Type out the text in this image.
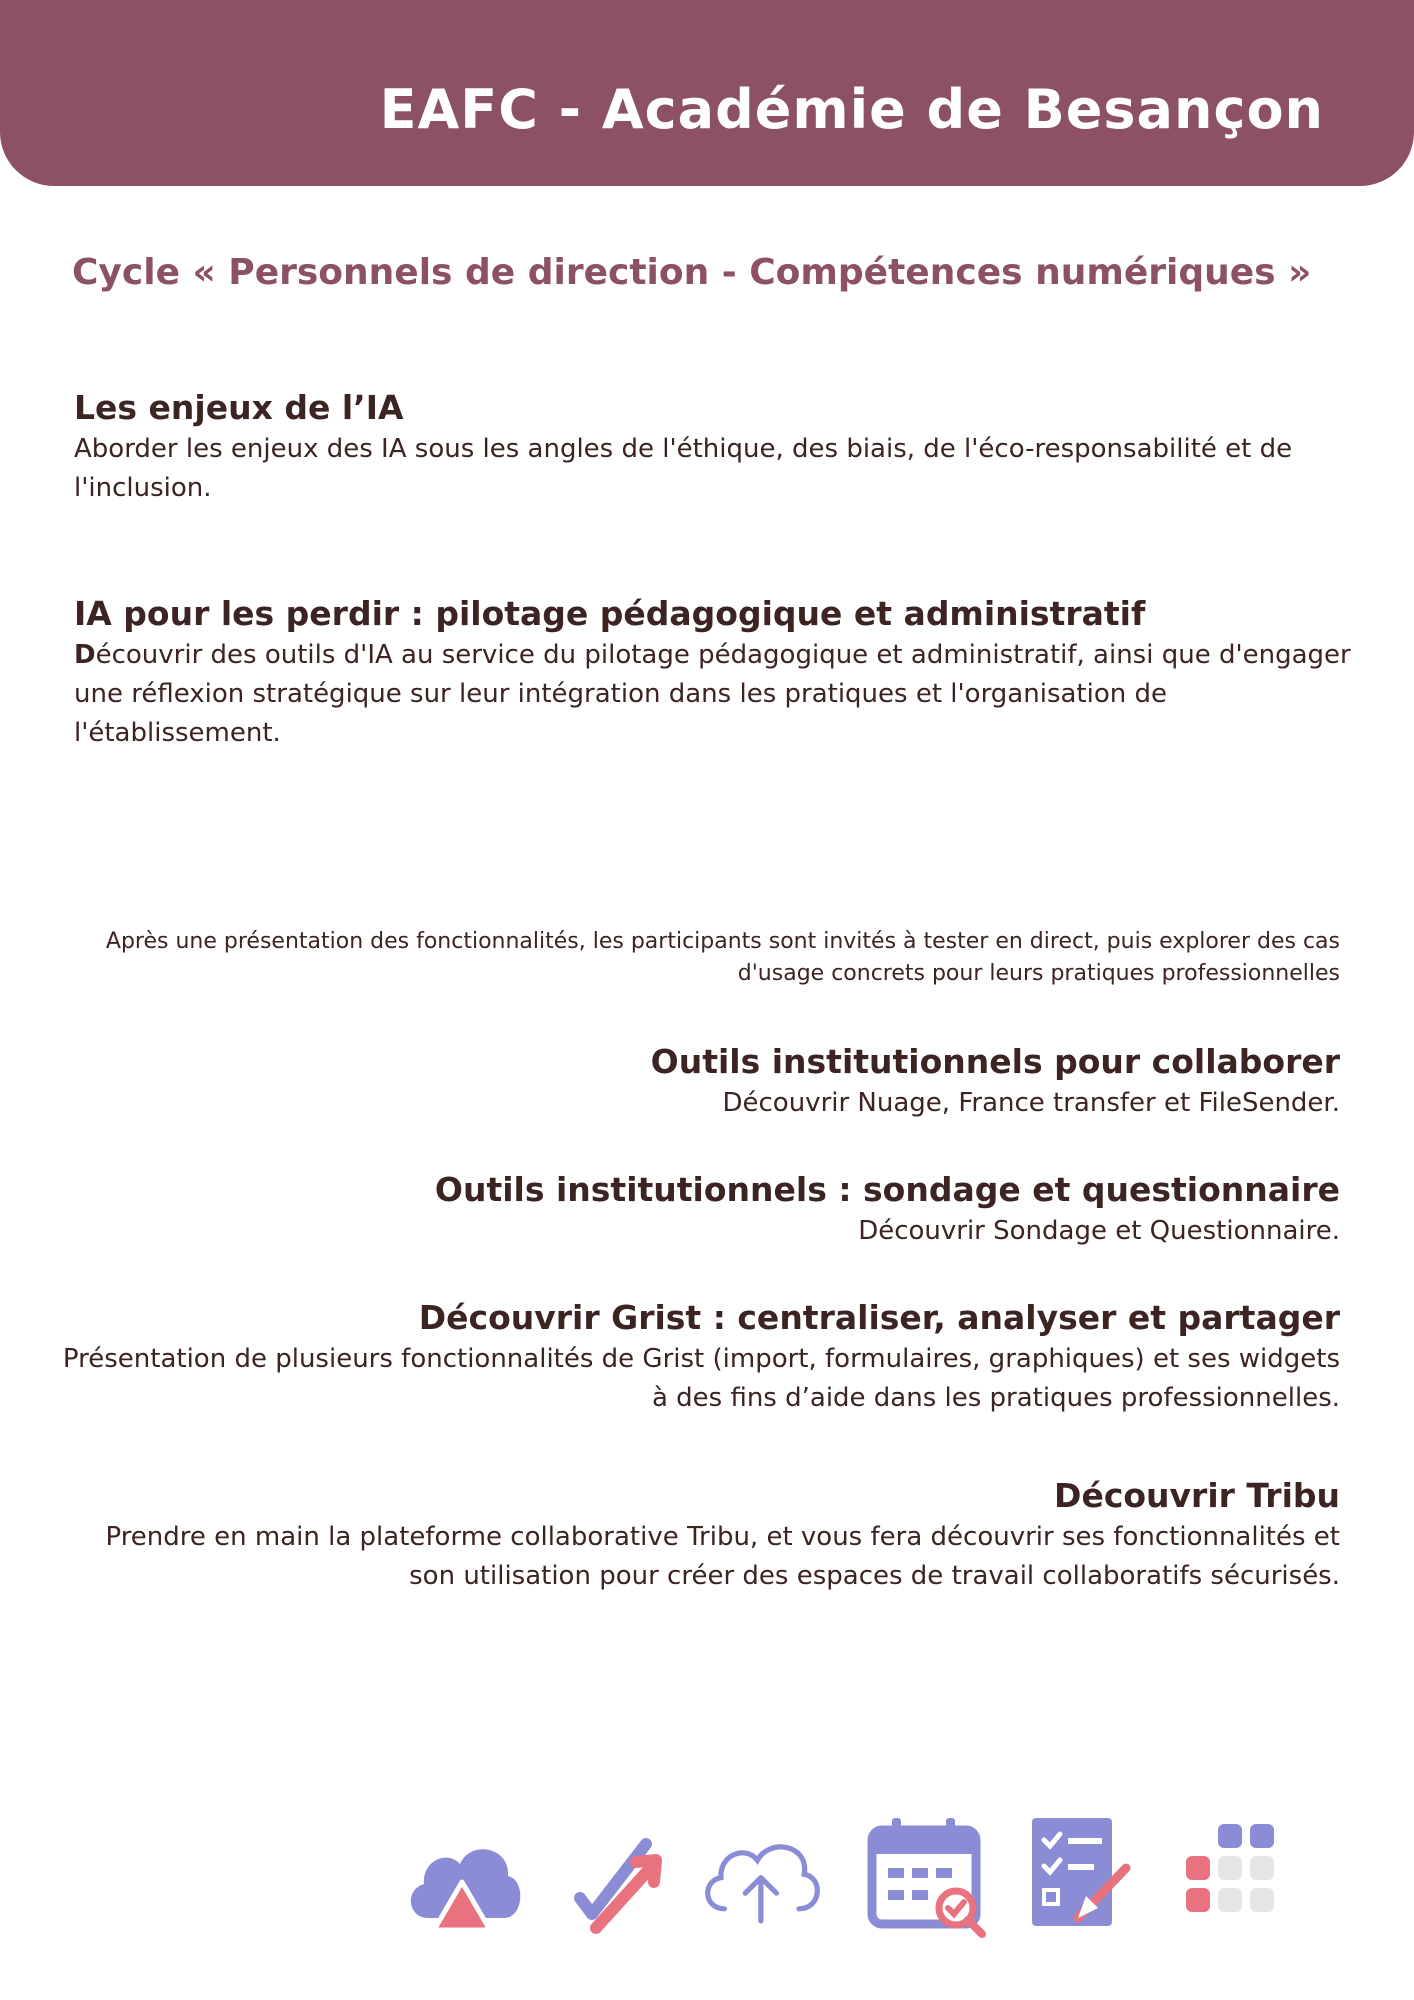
EAFC - Académie de Besançon
Cycle « Personnels de direction - Compétences numériques »
Les enjeux de l’IA

Aborder les enjeux des IA sous les angles de l'éthique, des biais, de l'éco-responsabilité et de l'inclusion.

IA pour les perdir : pilotage pédagogique et administratif

Découvrir des outils d'IA au service du pilotage pédagogique et administratif, ainsi que d'engager une réflexion stratégique sur leur intégration dans les pratiques et l'organisation de l'établissement.

Après une présentation des fonctionnalités, les participants sont invités à tester en direct, puis explorer des cas d'usage concrets pour leurs pratiques professionnelles
Outils institutionnels pour collaborer

Découvrir Nuage, France transfer et FileSender.

Outils institutionnels : sondage et questionnaire

Découvrir Sondage et Questionnaire.

Découvrir Grist : centraliser, analyser et partager

Présentation de plusieurs fonctionnalités de Grist (import, formulaires, graphiques) et ses widgets à des fins d’aide dans les pratiques professionnelles.

Découvrir Tribu

Prendre en main la plateforme collaborative Tribu, et vous fera découvrir ses fonctionnalités et son utilisation pour créer des espaces de travail collaboratifs sécurisés.
